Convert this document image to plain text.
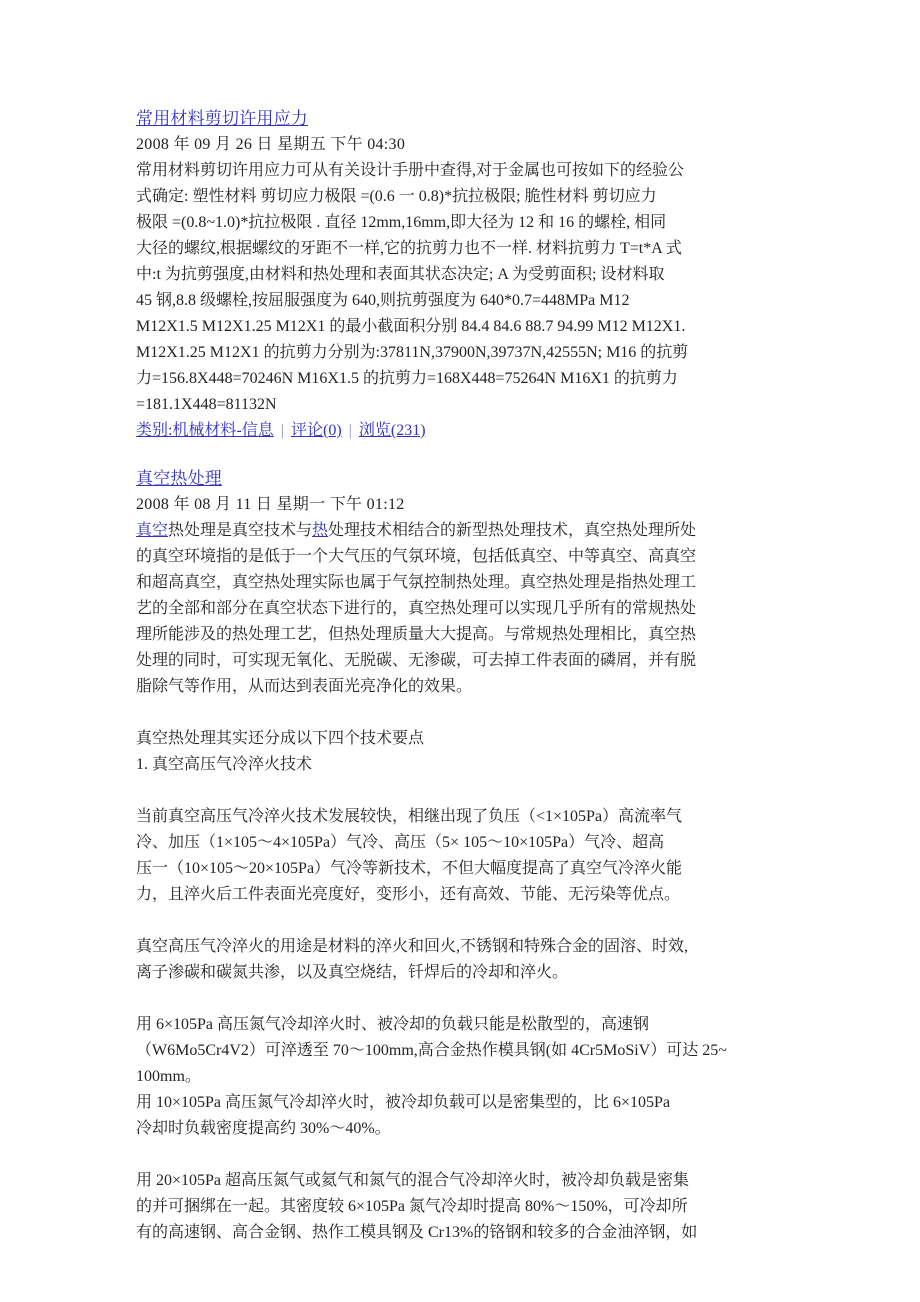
常用材料剪切许用应力
2008 年 09 月 26 日 星期五 下午 04:30
常用材料剪切许用应力可从有关设计手册中查得,对于金属也可按如下的经验公
式确定: 塑性材料 剪切应力极限 =(0.6 一 0.8)*抗拉极限; 脆性材料 剪切应力
极限 =(0.8~1.0)*抗拉极限 . 直径 12mm,16mm,即大径为 12 和 16 的螺栓, 相同
大径的螺纹,根据螺纹的牙距不一样,它的抗剪力也不一样. 材料抗剪力 T=t*A 式
中:t 为抗剪强度,由材料和热处理和表面其状态决定; A 为受剪面积; 设材料取
45 钢,8.8 级螺栓,按屈服强度为 640,则抗剪强度为 640*0.7=448MPa M12
M12X1.5 M12X1.25 M12X1 的最小截面积分别 84.4 84.6 88.7 94.99 M12 M12X1.
M12X1.25 M12X1 的抗剪力分别为:37811N,37900N,39737N,42555N; M16 的抗剪
力=156.8X448=70246N M16X1.5 的抗剪力=168X448=75264N M16X1 的抗剪力
=181.1X448=81132N
类别:机械材料-信息 | 评论(0) | 浏览(231)
真空热处理
2008 年 08 月 11 日 星期一 下午 01:12
真空热处理是真空技术与热处理技术相结合的新型热处理技术，真空热处理所处
的真空环境指的是低于一个大气压的气氛环境，包括低真空、中等真空、高真空
和超高真空，真空热处理实际也属于气氛控制热处理。真空热处理是指热处理工
艺的全部和部分在真空状态下进行的，真空热处理可以实现几乎所有的常规热处
理所能涉及的热处理工艺，但热处理质量大大提高。与常规热处理相比，真空热
处理的同时，可实现无氧化、无脱碳、无渗碳，可去掉工件表面的磷屑，并有脱
脂除气等作用，从而达到表面光亮净化的效果。
真空热处理其实还分成以下四个技术要点
1. 真空高压气冷淬火技术
当前真空高压气冷淬火技术发展较快，相继出现了负压（<1×105Pa）高流率气
冷、加压（1×105～4×105Pa）气冷、高压（5× 105～10×105Pa）气冷、超高
压一（10×105～20×105Pa）气冷等新技术，不但大幅度提高了真空气冷淬火能
力，且淬火后工件表面光亮度好，变形小，还有高效、节能、无污染等优点。
真空高压气冷淬火的用途是材料的淬火和回火,不锈钢和特殊合金的固溶、时效,
离子渗碳和碳氮共渗，以及真空烧结，钎焊后的冷却和淬火。
用 6×105Pa 高压氮气冷却淬火时、被冷却的负载只能是松散型的，高速钢
（W6Mo5Cr4V2）可淬透至 70～100mm,高合金热作模具钢(如 4Cr5MoSiV）可达 25~
100mm。
用 10×105Pa 高压氮气冷却淬火时，被冷却负载可以是密集型的，比 6×105Pa
冷却时负载密度提高约 30%～40%。
用 20×105Pa 超高压氮气或氦气和氮气的混合气冷却淬火时，被冷却负载是密集
的并可捆绑在一起。其密度较 6×105Pa 氮气冷却时提高 80%～150%，可冷却所
有的高速钢、高合金钢、热作工模具钢及 Cr13%的铬钢和较多的合金油淬钢，如
